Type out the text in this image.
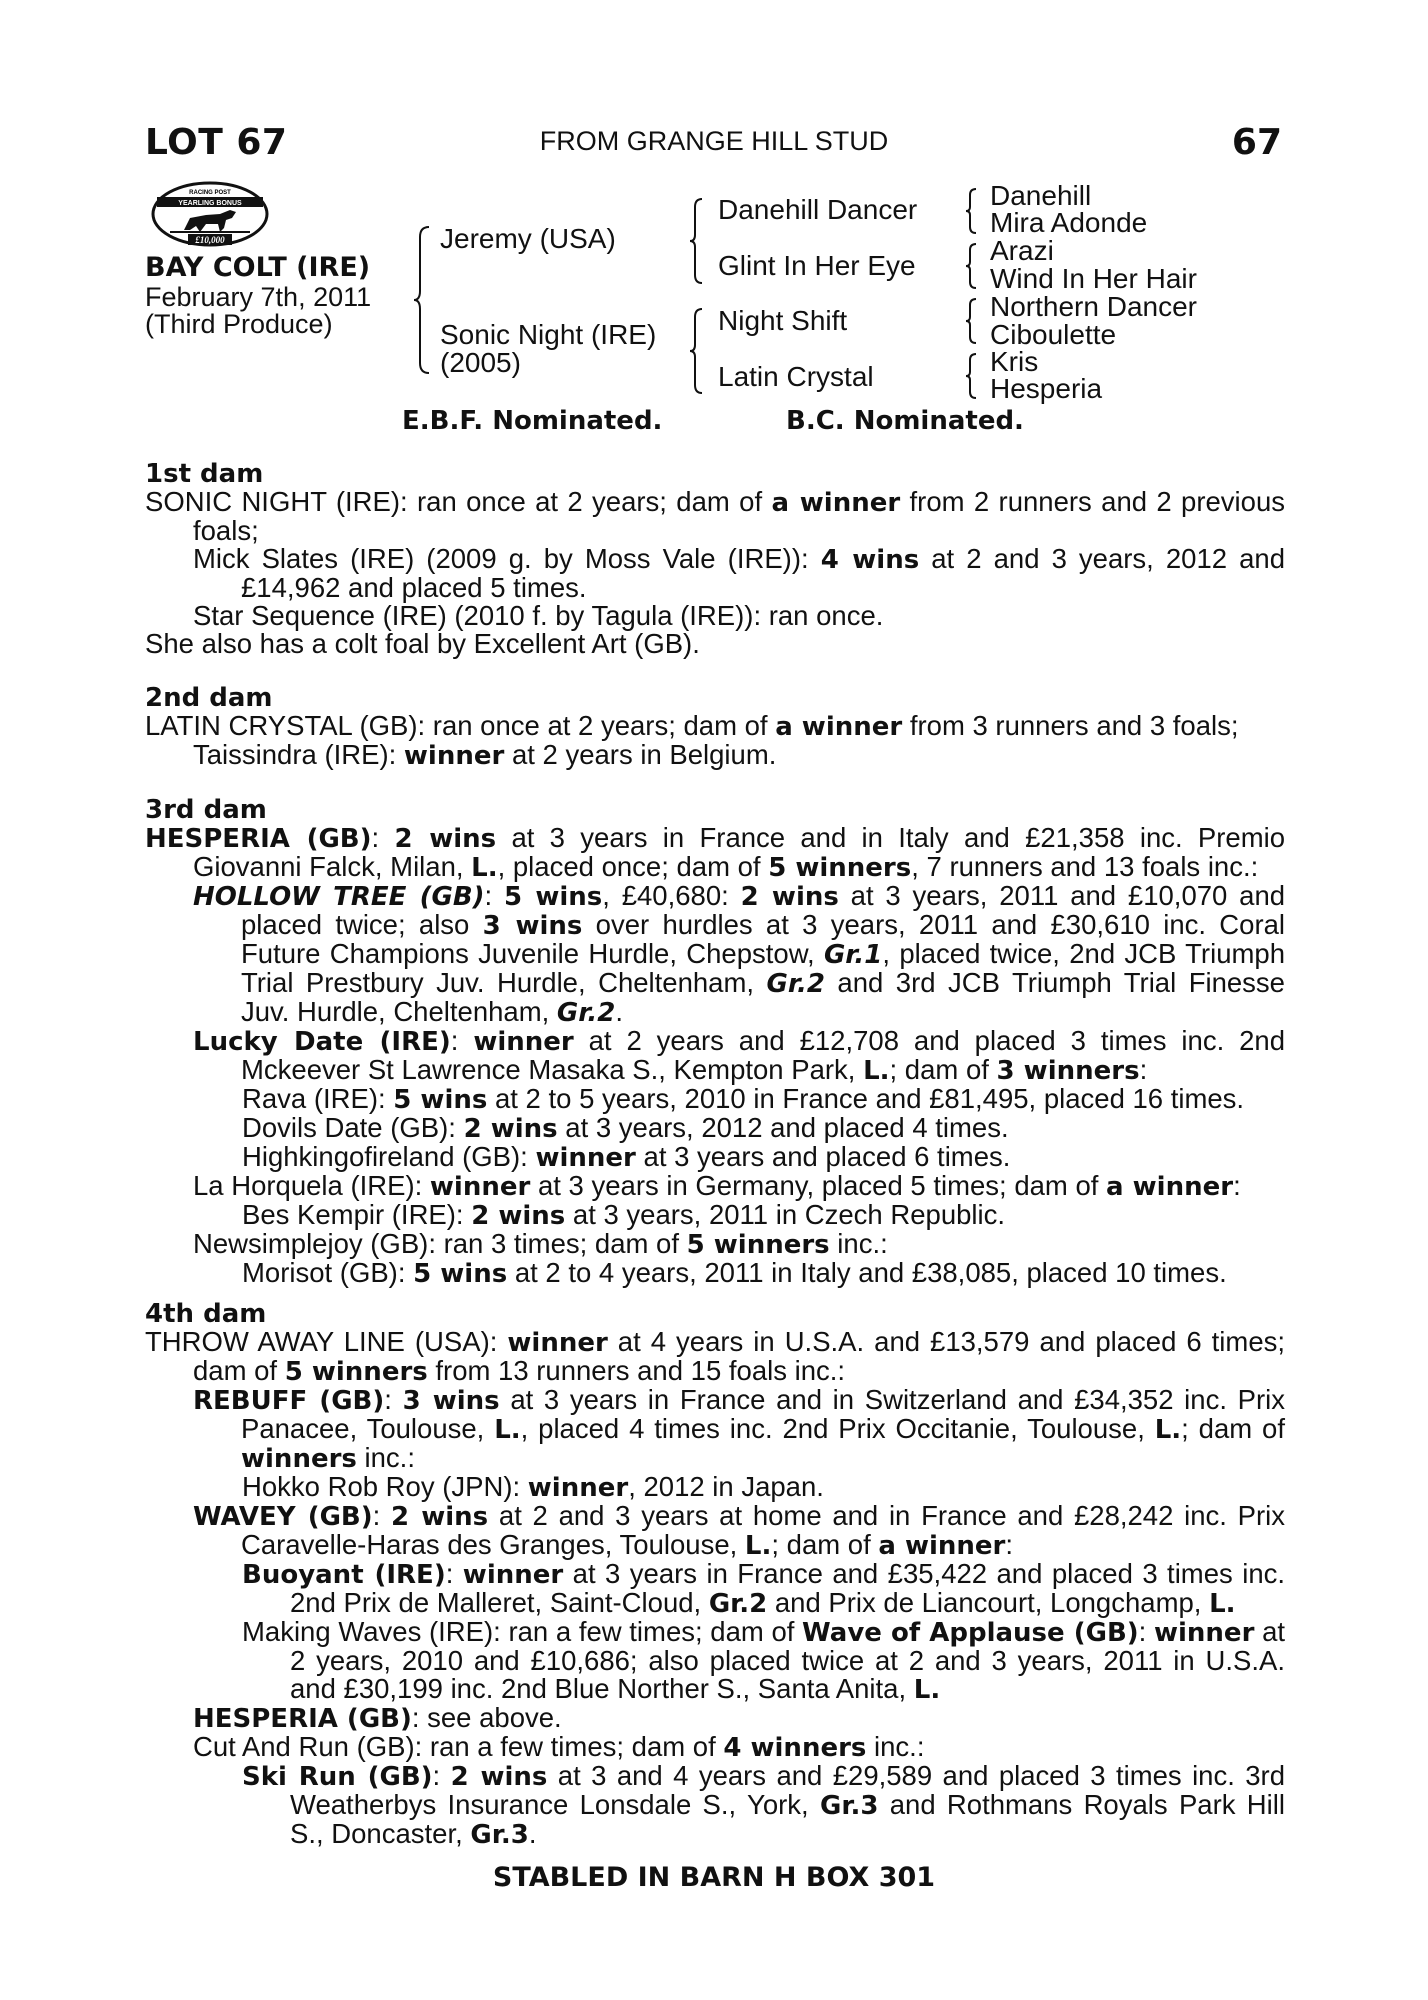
LOT 67	FROM GRANGE HILL STUD	67
RACING POST
YEARLING BONUS
£10,000
BAY COLT (IRE)
February 7th, 2011
(Third Produce)
Jeremy (USA)
Sonic Night (IRE)
(2005)
Danehill Dancer
Glint In Her Eye
Night Shift
Latin Crystal
Danehill
Mira Adonde
Arazi
Wind In Her Hair
Northern Dancer
Ciboulette
Kris
Hesperia
E.B.F. Nominated.	B.C. Nominated.
1st dam

SONIC NIGHT (IRE): ran once at 2 years; dam of a winner from 2 runners and 2 previous foals;

Mick Slates (IRE) (2009 g. by Moss Vale (IRE)): 4 wins at 2 and 3 years, 2012 and £14,962 and placed 5 times.

Star Sequence (IRE) (2010 f. by Tagula (IRE)): ran once.

She also has a colt foal by Excellent Art (GB).

2nd dam

LATIN CRYSTAL (GB): ran once at 2 years; dam of a winner from 3 runners and 3 foals;

Taissindra (IRE): winner at 2 years in Belgium.

3rd dam

HESPERIA (GB): 2 wins at 3 years in France and in Italy and £21,358 inc. Premio Giovanni Falck, Milan, L., placed once; dam of 5 winners, 7 runners and 13 foals inc.:

HOLLOW TREE (GB): 5 wins, £40,680: 2 wins at 3 years, 2011 and £10,070 and placed twice; also 3 wins over hurdles at 3 years, 2011 and £30,610 inc. Coral Future Champions Juvenile Hurdle, Chepstow, Gr.1, placed twice, 2nd JCB Triumph Trial Prestbury Juv. Hurdle, Cheltenham, Gr.2 and 3rd JCB Triumph Trial Finesse Juv. Hurdle, Cheltenham, Gr.2.

Lucky Date (IRE): winner at 2 years and £12,708 and placed 3 times inc. 2nd Mckeever St Lawrence Masaka S., Kempton Park, L.; dam of 3 winners:

Rava (IRE): 5 wins at 2 to 5 years, 2010 in France and £81,495, placed 16 times.

Dovils Date (GB): 2 wins at 3 years, 2012 and placed 4 times.

Highkingofireland (GB): winner at 3 years and placed 6 times.

La Horquela (IRE): winner at 3 years in Germany, placed 5 times; dam of a winner:

Bes Kempir (IRE): 2 wins at 3 years, 2011 in Czech Republic.

Newsimplejoy (GB): ran 3 times; dam of 5 winners inc.:

Morisot (GB): 5 wins at 2 to 4 years, 2011 in Italy and £38,085, placed 10 times.

4th dam

THROW AWAY LINE (USA): winner at 4 years in U.S.A. and £13,579 and placed 6 times; dam of 5 winners from 13 runners and 15 foals inc.:

REBUFF (GB): 3 wins at 3 years in France and in Switzerland and £34,352 inc. Prix Panacee, Toulouse, L., placed 4 times inc. 2nd Prix Occitanie, Toulouse, L.; dam of winners inc.:

Hokko Rob Roy (JPN): winner, 2012 in Japan.

WAVEY (GB): 2 wins at 2 and 3 years at home and in France and £28,242 inc. Prix Caravelle-Haras des Granges, Toulouse, L.; dam of a winner:

Buoyant (IRE): winner at 3 years in France and £35,422 and placed 3 times inc. 2nd Prix de Malleret, Saint-Cloud, Gr.2 and Prix de Liancourt, Longchamp, L.

Making Waves (IRE): ran a few times; dam of Wave of Applause (GB): winner at 2 years, 2010 and £10,686; also placed twice at 2 and 3 years, 2011 in U.S.A. and £30,199 inc. 2nd Blue Norther S., Santa Anita, L.

HESPERIA (GB): see above.

Cut And Run (GB): ran a few times; dam of 4 winners inc.:

Ski Run (GB): 2 wins at 3 and 4 years and £29,589 and placed 3 times inc. 3rd Weatherbys Insurance Lonsdale S., York, Gr.3 and Rothmans Royals Park Hill S., Doncaster, Gr.3.

STABLED IN BARN H BOX 301
